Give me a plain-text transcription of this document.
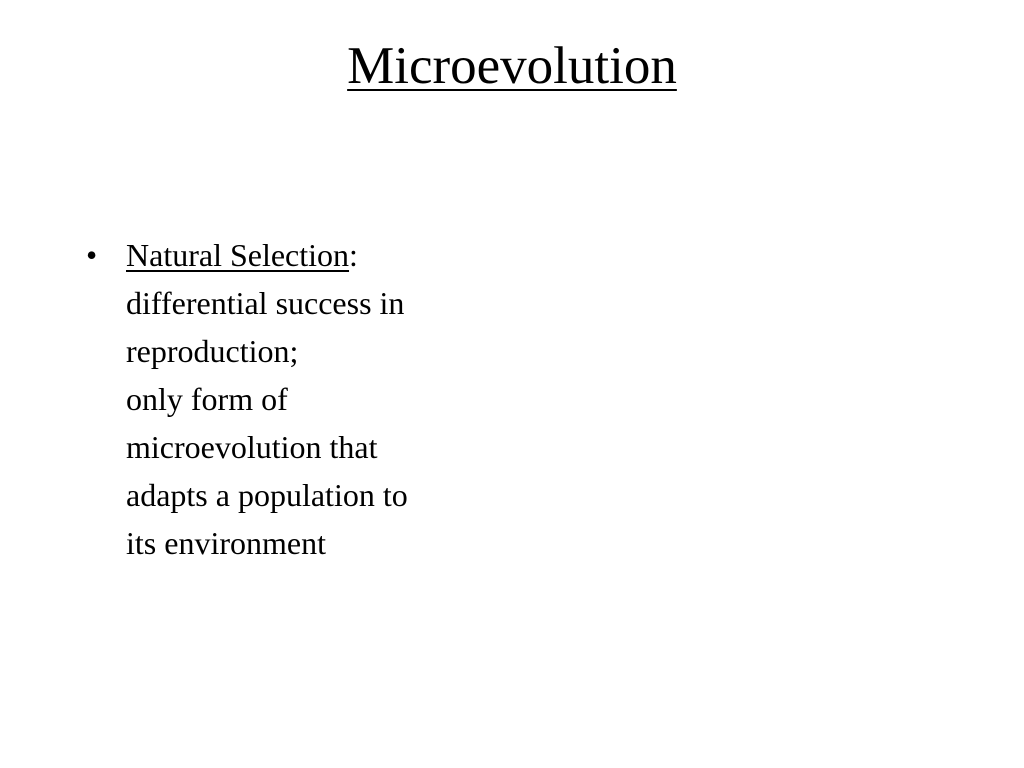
Microevolution
• Natural Selection:
differential success in
reproduction;
only form of
microevolution that
adapts a population to
its environment
